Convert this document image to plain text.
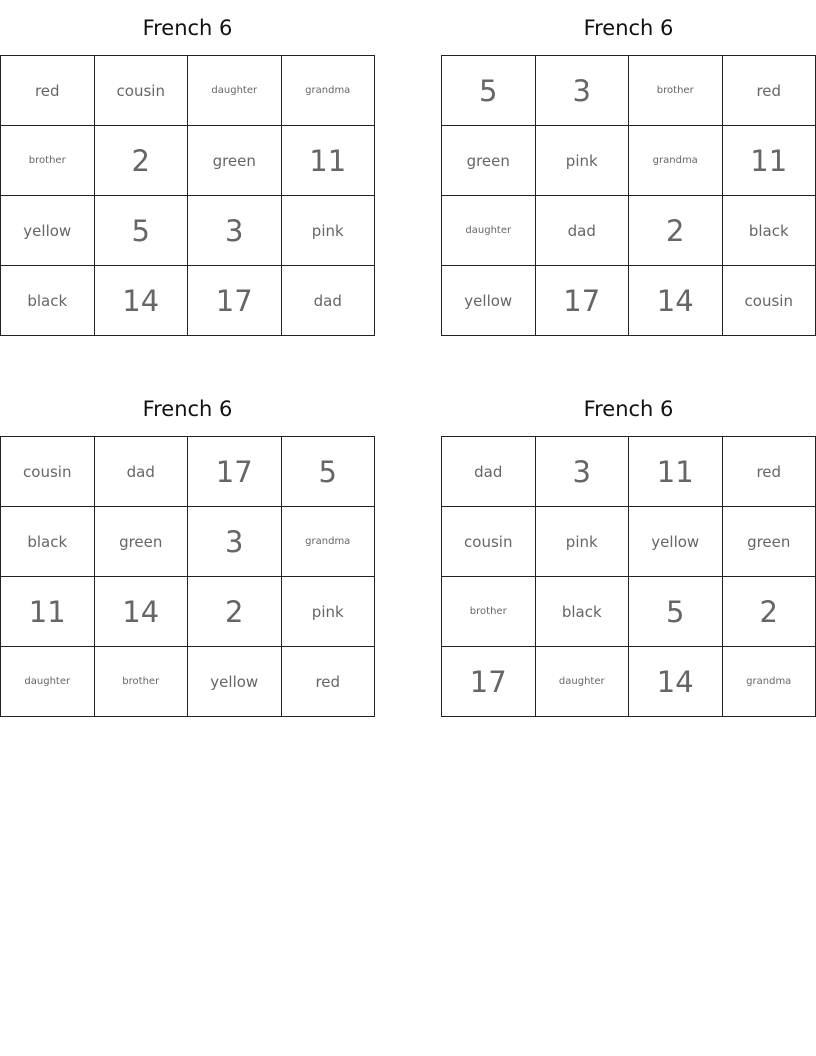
French 6
red	cousin	daughter	grandma
brother	2	green	11
yellow	5	3	pink
black	14	17	dad
French 6
5	3	brother	red
green	pink	grandma	11
daughter	dad	2	black
yellow	17	14	cousin
French 6
cousin	dad	17	5
black	green	3	grandma
11	14	2	pink
daughter	brother	yellow	red
French 6
dad	3	11	red
cousin	pink	yellow	green
brother	black	5	2
17	daughter	14	grandma
